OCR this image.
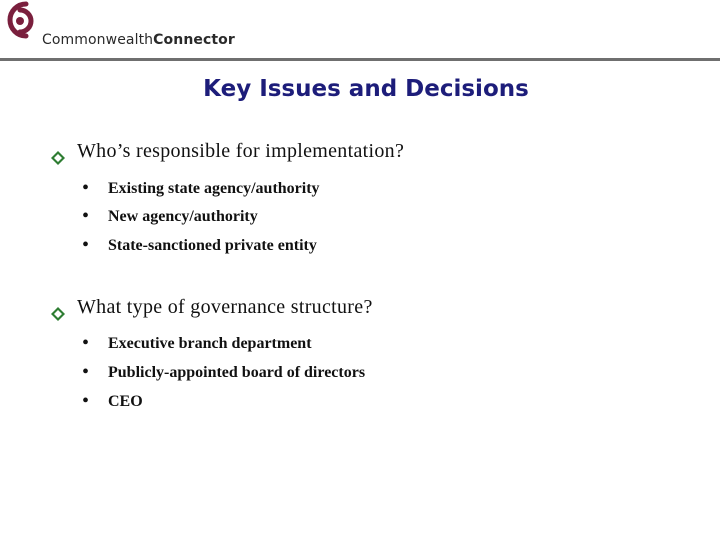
CommonwealthConnector
Key Issues and Decisions
Who’s responsible for implementation?
• Existing state agency/authority
• New agency/authority
• State-sanctioned private entity
What type of governance structure?
• Executive branch department
• Publicly-appointed board of directors
• CEO
